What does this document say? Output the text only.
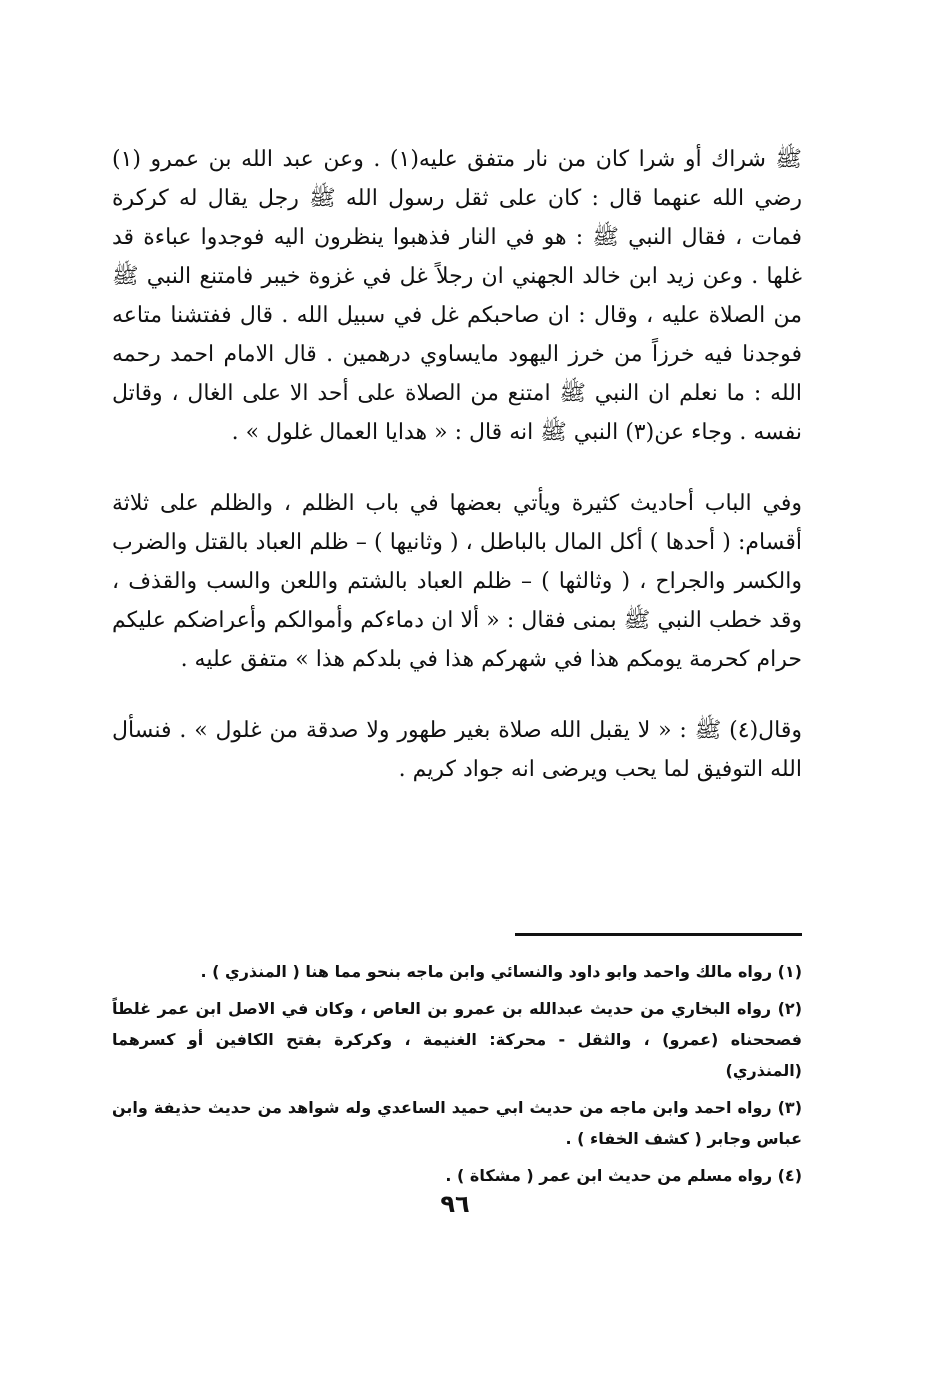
ﷺ شراك أو شرا كان من نار متفق عليه(١) . وعن عبد الله بن عمرو (١) رضي الله عنهما قال : كان على ثقل رسول الله ﷺ رجل يقال له كركرة فمات ، فقال النبي ﷺ : هو في النار فذهبوا ينظرون اليه فوجدوا عباءة قد غلها . وعن زيد ابن خالد الجهني ان رجلاً غل في غزوة خيبر فامتنع النبي ﷺ من الصلاة عليه ، وقال : ان صاحبكم غل في سبيل الله . قال ففتشنا متاعه فوجدنا فيه خرزاً من خرز اليهود مايساوي درهمين . قال الامام احمد رحمه الله : ما نعلم ان النبي ﷺ امتنع من الصلاة على أحد الا على الغال ، وقاتل نفسه . وجاء عن(٣) النبي ﷺ انه قال : « هدايا العمال غلول » .

وفي الباب أحاديث كثيرة ويأتي بعضها في باب الظلم ، والظلم على ثلاثة أقسام: ( أحدها ) أكل المال بالباطل ، ( وثانيها ) – ظلم العباد بالقتل والضرب والكسر والجراح ، ( وثالثها ) – ظلم العباد بالشتم واللعن والسب والقذف ، وقد خطب النبي ﷺ بمنى فقال : « ألا ان دماءكم وأموالكم وأعراضكم عليكم حرام كحرمة يومكم هذا في شهركم هذا في بلدكم هذا » متفق عليه .

وقال(٤) ﷺ : « لا يقبل الله صلاة بغير طهور ولا صدقة من غلول » . فنسأل الله التوفيق لما يحب ويرضى انه جواد كريم .

(١) رواه مالك واحمد وابو داود والنسائي وابن ماجه بنحو مما هنا ( المنذري ) .

(٢) رواه البخاري من حديث عبدالله بن عمرو بن العاص ، وكان في الاصل ابن عمر غلطاً فصححناه (عمرو) ، والثقل - محركة: الغنيمة ، وكركرة بفتح الكافين أو كسرهما (المنذري)

(٣) رواه احمد وابن ماجه من حديث ابي حميد الساعدي وله شواهد من حديث حذيفة وابن عباس وجابر ( كشف الخفاء ) .

(٤) رواه مسلم من حديث ابن عمر ( مشكاة ) .

٩٦
